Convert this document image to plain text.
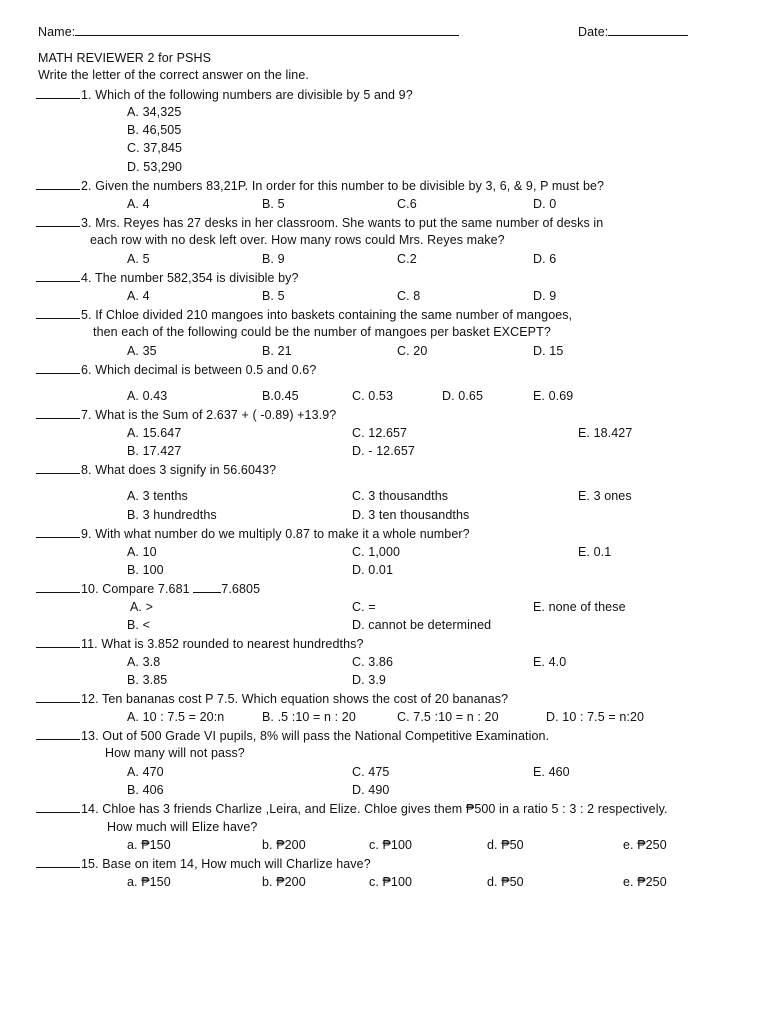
Name:	Date:
MATH REVIEWER 2 for PSHS
Write the letter of the correct answer on the line.
1. Which of the following numbers are divisible by 5 and 9?
A. 34,325
B. 46,505
C. 37,845
D. 53,290
2. Given the numbers 83,21P. In order for this number to be divisible by 3, 6, & 9, P must be?
A. 4	B. 5	C.6	D. 0
3. Mrs. Reyes has 27 desks in her classroom. She wants to put the same number of desks in
each row with no desk left over. How many rows could Mrs. Reyes make?
A. 5	B. 9	C.2	D. 6
4. The number 582,354 is divisible by?
A. 4	B. 5	C. 8	D. 9
5. If Chloe divided 210 mangoes into baskets containing the same number of mangoes,
then each of the following could be the number of mangoes per basket EXCEPT?
A. 35	B. 21	C. 20	D. 15
6. Which decimal is between 0.5 and 0.6?
A. 0.43	B.0.45	C. 0.53	D. 0.65	E. 0.69
7. What is the Sum of 2.637 + ( -0.89) +13.9?
A. 15.647	C. 12.657	E. 18.427
B. 17.427	D. - 12.657
8. What does 3 signify in 56.6043?
A. 3 tenths	C. 3 thousandths	E. 3 ones
B. 3 hundredths	D. 3 ten thousandths
9. With what number do we multiply 0.87 to make it a whole number?
A. 10	C. 1,000	E. 0.1
B. 100	D. 0.01
10. Compare 7.681 7.6805
A. >	C. =	E. none of these
B. <	D. cannot be determined
11. What is 3.852 rounded to nearest hundredths?
A. 3.8	C. 3.86	E. 4.0
B. 3.85	D. 3.9
12. Ten bananas cost P 7.5. Which equation shows the cost of 20 bananas?
A. 10 : 7.5 = 20:n	B. .5 :10 = n : 20	C. 7.5 :10 = n : 20	D. 10 : 7.5 = n:20
13. Out of 500 Grade VI pupils, 8% will pass the National Competitive Examination.
How many will not pass?
A. 470	C. 475	E. 460
B. 406	D. 490
14. Chloe has 3 friends Charlize ,Leira, and Elize. Chloe gives them ₱500 in a ratio 5 : 3 : 2 respectively.
How much will Elize have?
a. ₱150	b. ₱200	c. ₱100	d. ₱50	e. ₱250
15. Base on item 14, How much will Charlize have?
a. ₱150	b. ₱200	c. ₱100	d. ₱50	e. ₱250
